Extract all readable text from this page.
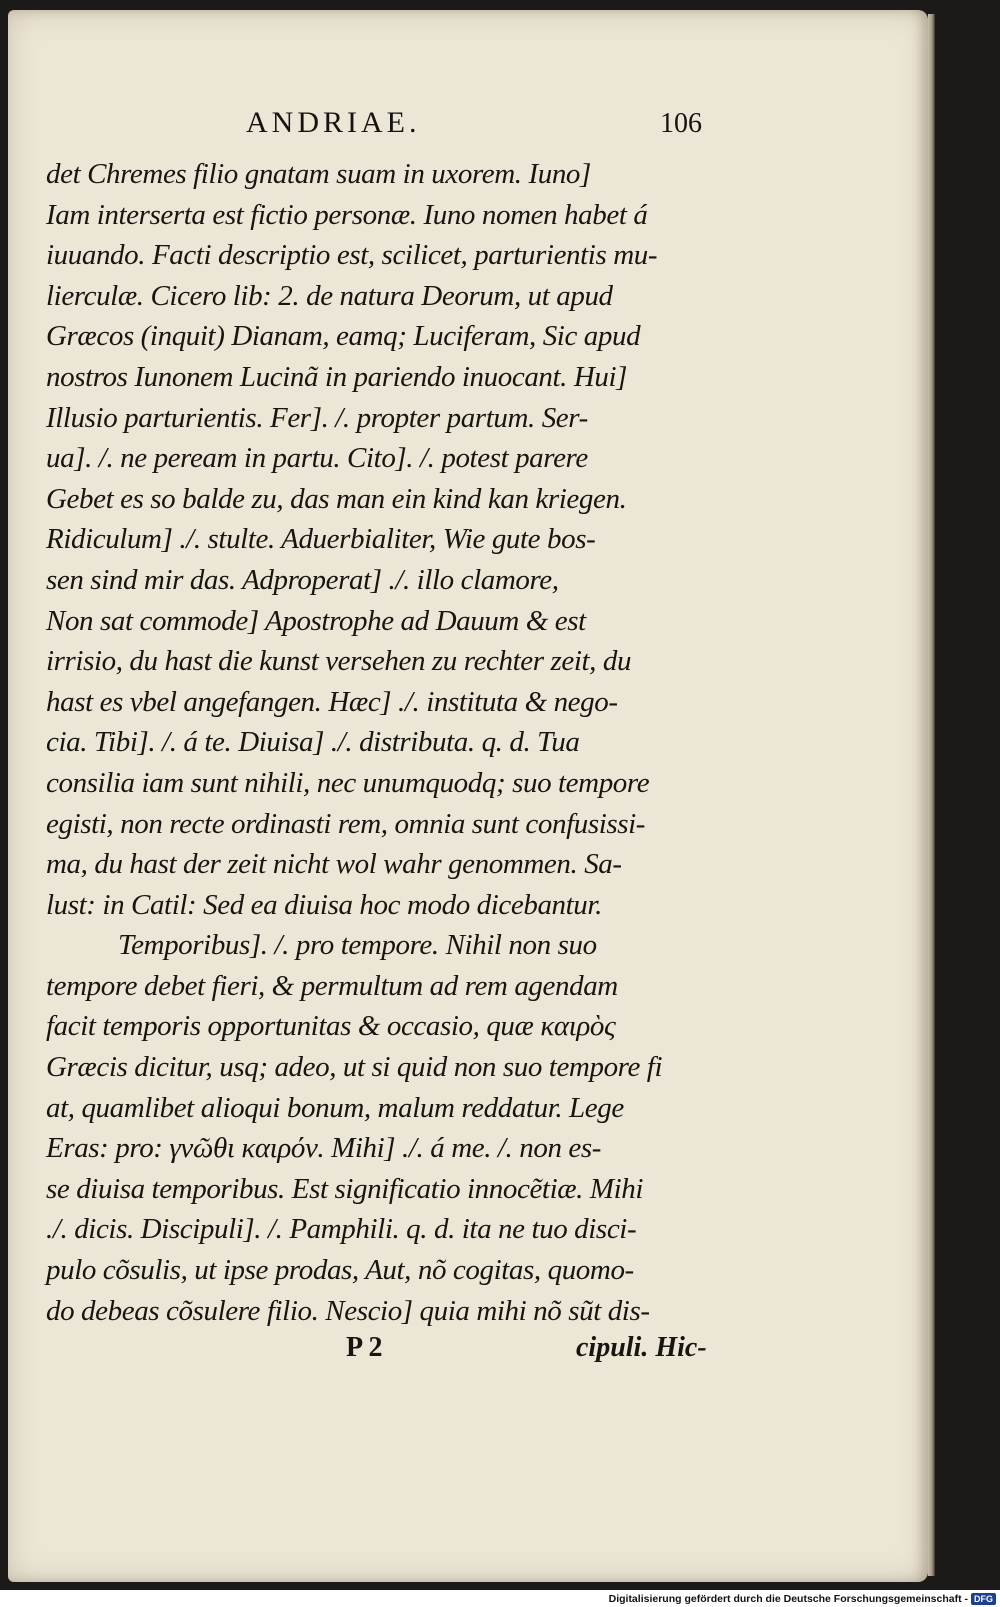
ANDRIAE.	106
det Chremes filio gnatam suam in uxorem. Iuno]
Iam interserta est fictio personæ. Iuno nomen habet á
iuuando. Facti descriptio est, scilicet, parturientis mu-
lierculæ. Cicero lib: 2. de natura Deorum, ut apud
Græcos (inquit) Dianam, eamq; Luciferam, Sic apud
nostros Iunonem Lucinã in pariendo inuocant. Hui]
Illusio parturientis. Fer]. /. propter partum. Ser-
ua]. /. ne peream in partu. Cito]. /. potest parere
Gebet es so balde zu, das man ein kind kan kriegen.
Ridiculum] ./. stulte. Aduerbialiter, Wie gute bos-
sen sind mir das. Adproperat] ./. illo clamore,
Non sat commode] Apostrophe ad Dauum & est
irrisio, du hast die kunst versehen zu rechter zeit, du
hast es vbel angefangen. Hæc] ./. instituta & nego-
cia. Tibi]. /. á te. Diuisa] ./. distributa. q. d. Tua
consilia iam sunt nihili, nec unumquodq; suo tempore
egisti, non recte ordinasti rem, omnia sunt confusissi-
ma, du hast der zeit nicht wol wahr genommen. Sa-
lust: in Catil: Sed ea diuisa hoc modo dicebantur.
Temporibus]. /. pro tempore. Nihil non suo
tempore debet fieri, & permultum ad rem agendam
facit temporis opportunitas & occasio, quæ καιρὸς
Græcis dicitur, usq; adeo, ut si quid non suo tempore fi
at, quamlibet alioqui bonum, malum reddatur. Lege
Eras: pro: γνῶθι καιρόν. Mihi] ./. á me. /. non es-
se diuisa temporibus. Est significatio innocẽtiæ. Mihi
./. dicis. Discipuli]. /. Pamphili. q. d. ita ne tuo disci-
pulo cõsulis, ut ipse prodas, Aut, nõ cogitas, quomo-
do debeas cõsulere filio. Nescio] quia mihi nõ sũt dis-
P 2	cipuli. Hic-
Digitalisierung gefördert durch die Deutsche Forschungsgemeinschaft - DFG
